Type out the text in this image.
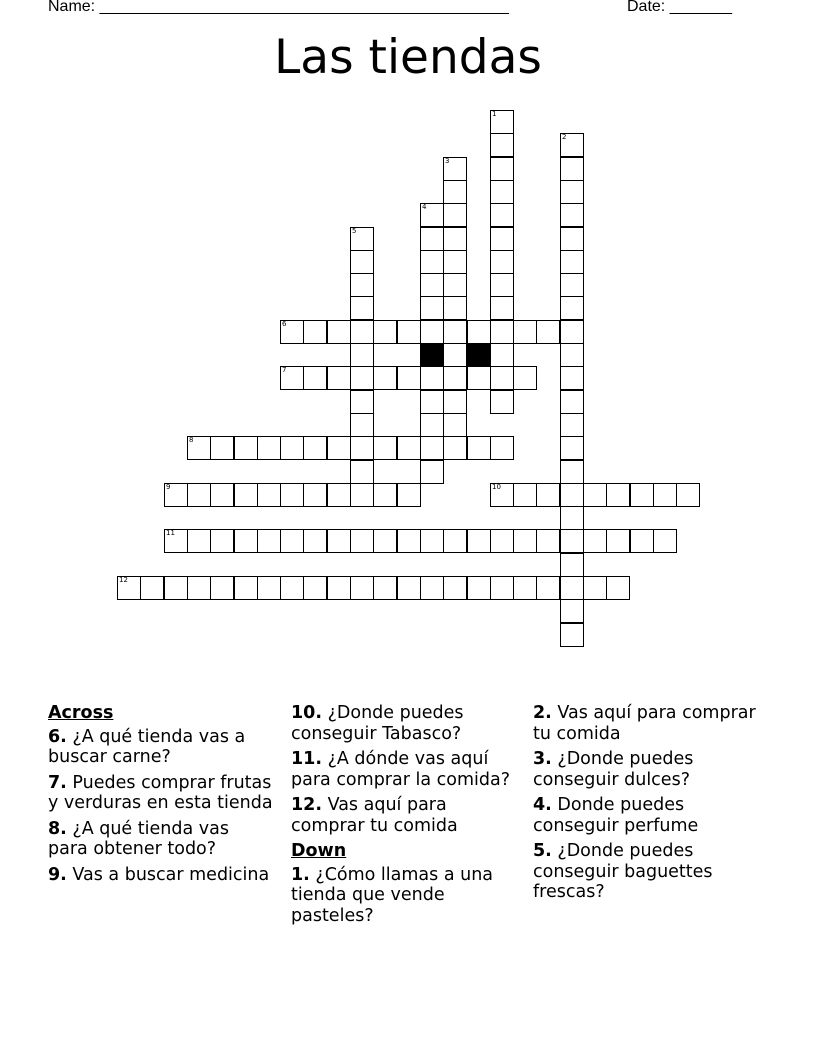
Name: ______________________________________________	Date: _______
Las tiendas
1
2
3
4
5
6
7
8
9	10
11
12
Across
6. ¿A qué tienda vas a buscar carne?
7. Puedes comprar frutas y verduras en esta tienda
8. ¿A qué tienda vas para obtener todo?
9. Vas a buscar medicina
10. ¿Donde puedes conseguir Tabasco?
11. ¿A dónde vas aquí para comprar la comida?
12. Vas aquí para comprar tu comida
Down
1. ¿Cómo llamas a una tienda que vende pasteles?
2. Vas aquí para comprar tu comida
3. ¿Donde puedes conseguir dulces?
4. Donde puedes conseguir perfume
5. ¿Donde puedes conseguir baguettes frescas?
